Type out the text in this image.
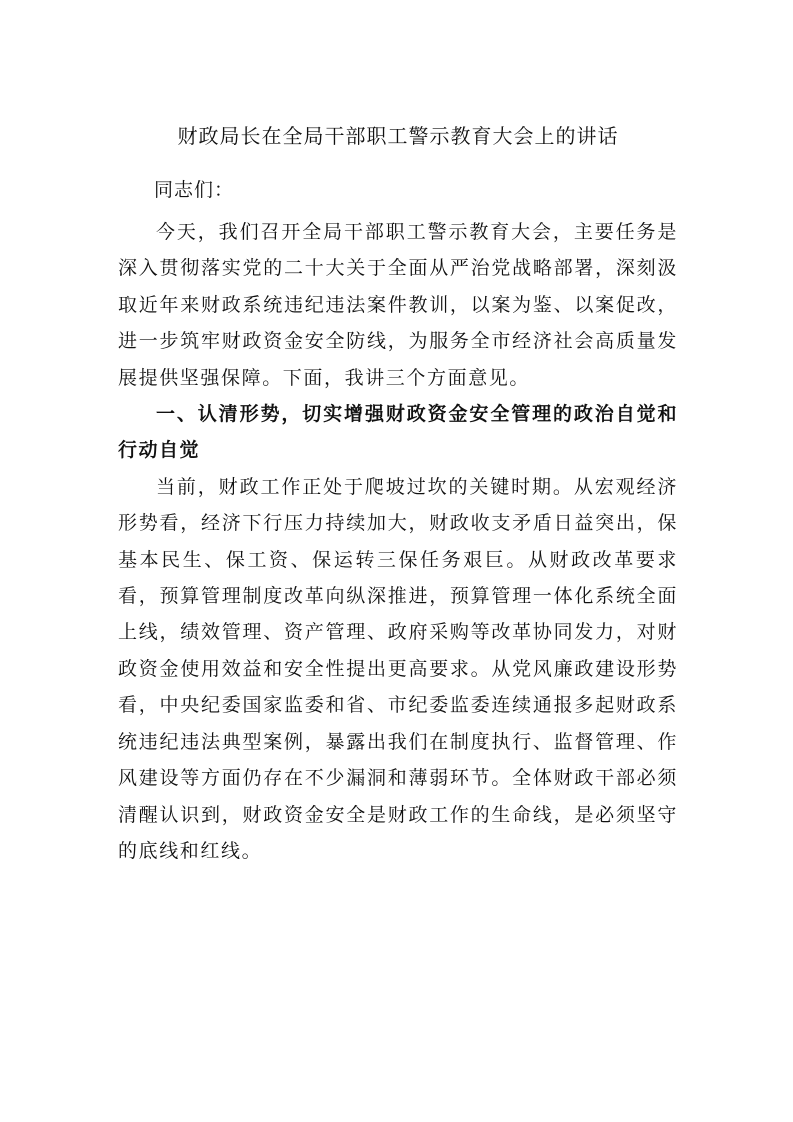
财政局长在全局干部职工警示教育大会上的讲话

同志们：

今天，我们召开全局干部职工警示教育大会，主要任务是深入贯彻落实党的二十大关于全面从严治党战略部署，深刻汲取近年来财政系统违纪违法案件教训，以案为鉴、以案促改，进一步筑牢财政资金安全防线，为服务全市经济社会高质量发展提供坚强保障。下面，我讲三个方面意见。

一、认清形势，切实增强财政资金安全管理的政治自觉和行动自觉

当前，财政工作正处于爬坡过坎的关键时期。从宏观经济形势看，经济下行压力持续加大，财政收支矛盾日益突出，保基本民生、保工资、保运转三保任务艰巨。从财政改革要求看，预算管理制度改革向纵深推进，预算管理一体化系统全面上线，绩效管理、资产管理、政府采购等改革协同发力，对财政资金使用效益和安全性提出更高要求。从党风廉政建设形势看，中央纪委国家监委和省、市纪委监委连续通报多起财政系统违纪违法典型案例，暴露出我们在制度执行、监督管理、作风建设等方面仍存在不少漏洞和薄弱环节。全体财政干部必须清醒认识到，财政资金安全是财政工作的生命线，是必须坚守的底线和红线。
